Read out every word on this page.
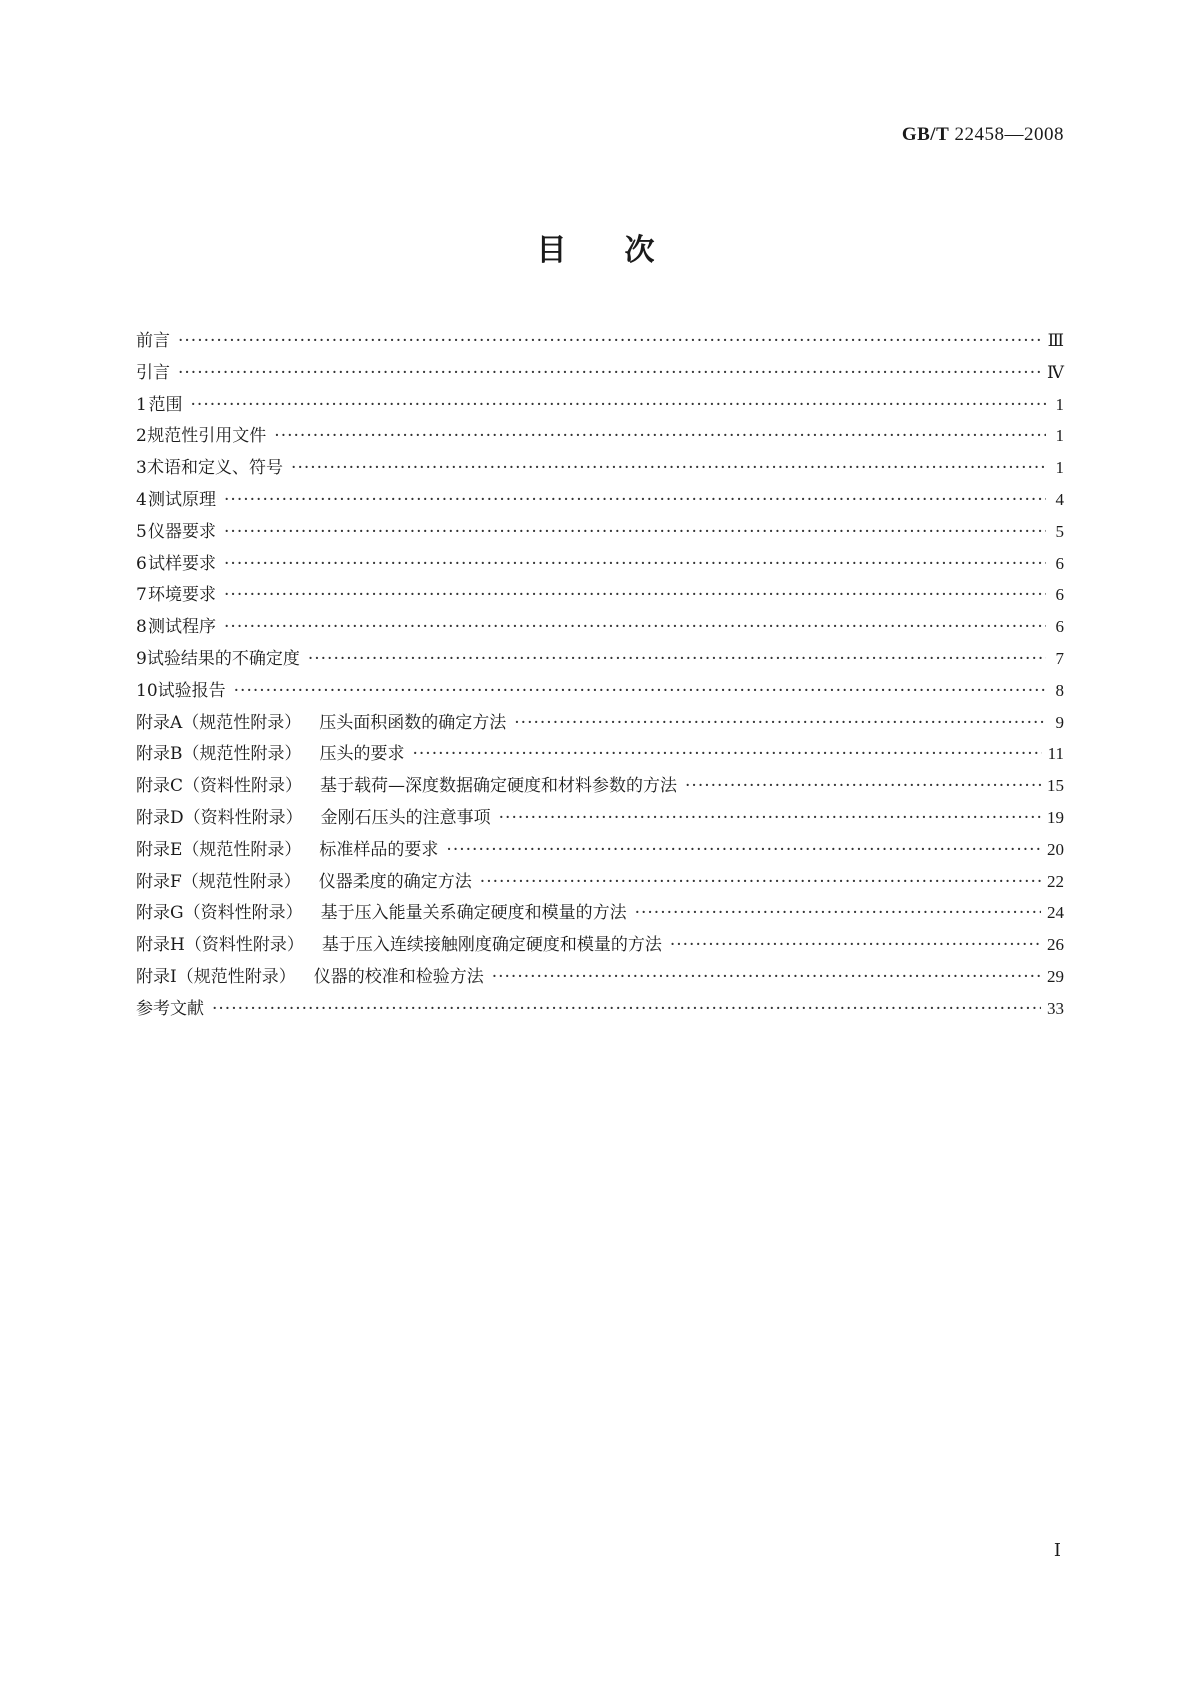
GB/T 22458—2008
目次
前言 ·····	Ⅲ
引言 ·····	Ⅳ
1 范围 ·····	1
2 规范性引用文件 ·····	1
3 术语和定义、符号 ·····	1
4 测试原理 ·····	4
5 仪器要求 ·····	5
6 试样要求 ·····	6
7 环境要求 ·····	6
8 测试程序 ·····	6
9 试验结果的不确定度 ·····	7
10 试验报告 ·····	8
附录A（规范性附录） 压头面积函数的确定方法 ·····	9
附录B（规范性附录） 压头的要求 ·····	11
附录C（资料性附录） 基于载荷—深度数据确定硬度和材料参数的方法 ·····	15
附录D（资料性附录） 金刚石压头的注意事项 ·····	19
附录E（规范性附录） 标准样品的要求 ·····	20
附录F（规范性附录） 仪器柔度的确定方法 ·····	22
附录G（资料性附录） 基于压入能量关系确定硬度和模量的方法 ·····	24
附录H（资料性附录） 基于压入连续接触刚度确定硬度和模量的方法 ·····	26
附录I（规范性附录） 仪器的校准和检验方法 ·····	29
参考文献 ·····	33
Ⅰ
